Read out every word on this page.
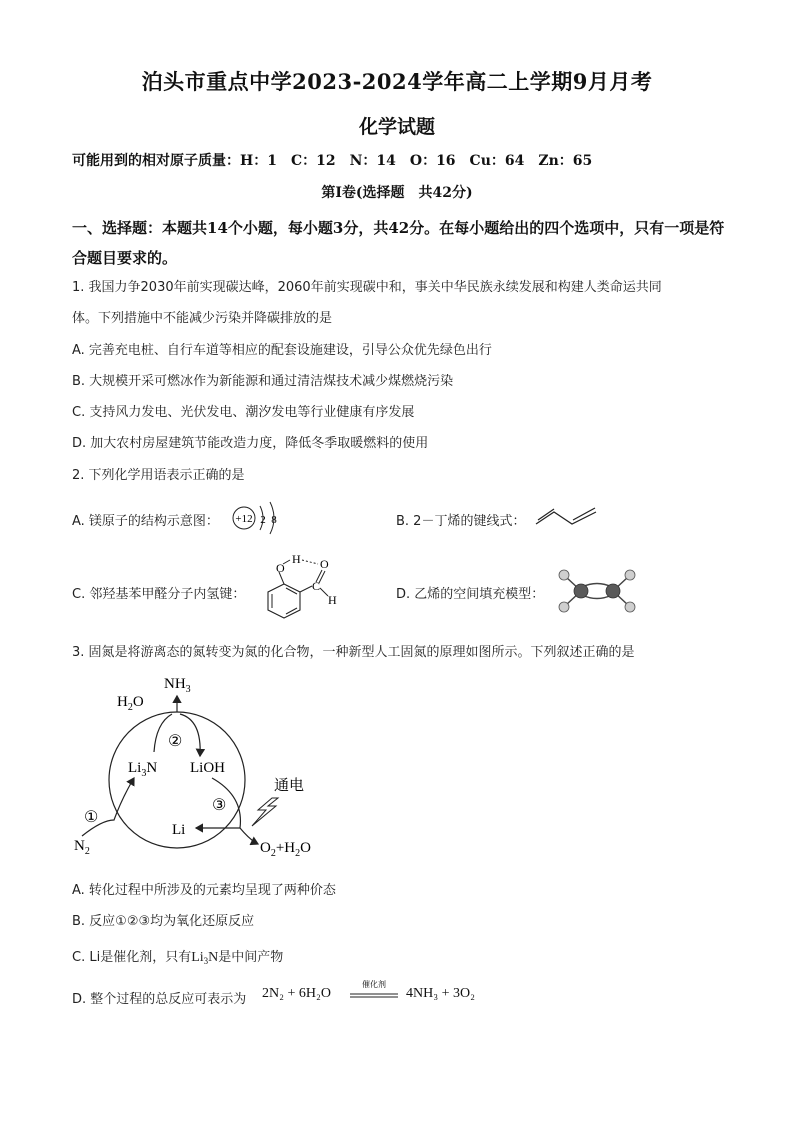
泊头市重点中学2023-2024学年高二上学期9月月考
化学试题
可能用到的相对原子质量：H：1　C：12　N：14　O：16　Cu：64　Zn：65
第Ⅰ卷(选择题　共42分)
一、选择题：本题共14个小题，每小题3分，共42分。在每小题给出的四个选项中，只有一项是符合题目要求的。
1. 我国力争2030年前实现碳达峰，2060年前实现碳中和，事关中华民族永续发展和构建人类命运共同
体。下列措施中不能减少污染并降碳排放的是
A. 完善充电桩、自行车道等相应的配套设施建设，引导公众优先绿色出行
B. 大规模开采可燃冰作为新能源和通过清洁煤技术减少煤燃烧污染
C. 支持风力发电、光伏发电、潮汐发电等行业健康有序发展
D. 加大农村房屋建筑节能改造力度，降低冬季取暖燃料的使用
2. 下列化学用语表示正确的是
A. 镁原子的结构示意图： +12 2 8	B. 2－丁烯的键线式：
C. 邻羟基苯甲醛分子内氢键：
O
H
C
O
H	D. 乙烯的空间填充模型：
3. 固氮是将游离态的氮转变为氮的化合物，一种新型人工固氮的原理如图所示。下列叙述正确的是
$NH_3$
$H_2O$
②
$Li_3N$ LiOH
①
$N_2$
Li
③
通电
$O_2+H_2O$
A. 转化过程中所涉及的元素均呈现了两种价态
B. 反应①②③均为氧化还原反应
C. Li是催化剂，只有$Li_3N$是中间产物
D. 整个过程的总反应可表示为 2N₂ + 6H₂O
催化剂
4NH₃ + 3O₂
